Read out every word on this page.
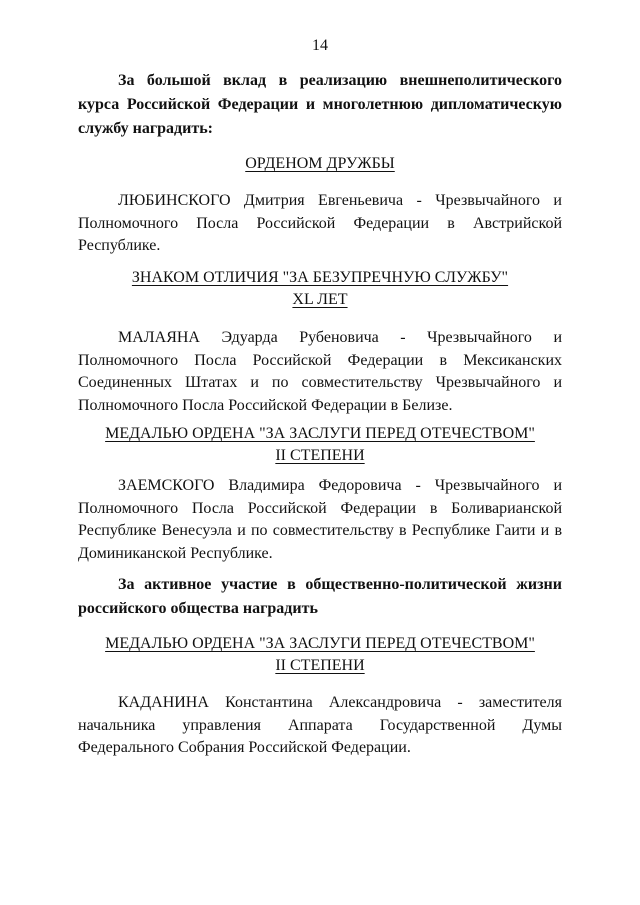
14
За большой вклад в реализацию внешнеполитического курса Российской Федерации и многолетнюю дипломатическую службу наградить:
ОРДЕНОМ ДРУЖБЫ
ЛЮБИНСКОГО Дмитрия Евгеньевича - Чрезвычайного и Полномочного Посла Российской Федерации в Австрийской Республике.
ЗНАКОМ ОТЛИЧИЯ "ЗА БЕЗУПРЕЧНУЮ СЛУЖБУ"
XL ЛЕТ
МАЛАЯНА Эдуарда Рубеновича - Чрезвычайного и Полномочного Посла Российской Федерации в Мексиканских Соединенных Штатах и по совместительству Чрезвычайного и Полномочного Посла Российской Федерации в Белизе.
МЕДАЛЬЮ ОРДЕНА "ЗА ЗАСЛУГИ ПЕРЕД ОТЕЧЕСТВОМ"
II СТЕПЕНИ
ЗАЕМСКОГО Владимира Федоровича - Чрезвычайного и Полномочного Посла Российской Федерации в Боливарианской Республике Венесуэла и по совместительству в Республике Гаити и в Доминиканской Республике.
За активное участие в общественно-политической жизни российского общества наградить
МЕДАЛЬЮ ОРДЕНА "ЗА ЗАСЛУГИ ПЕРЕД ОТЕЧЕСТВОМ"
II СТЕПЕНИ
КАДАНИНА Константина Александровича - заместителя начальника управления Аппарата Государственной Думы Федерального Собрания Российской Федерации.
